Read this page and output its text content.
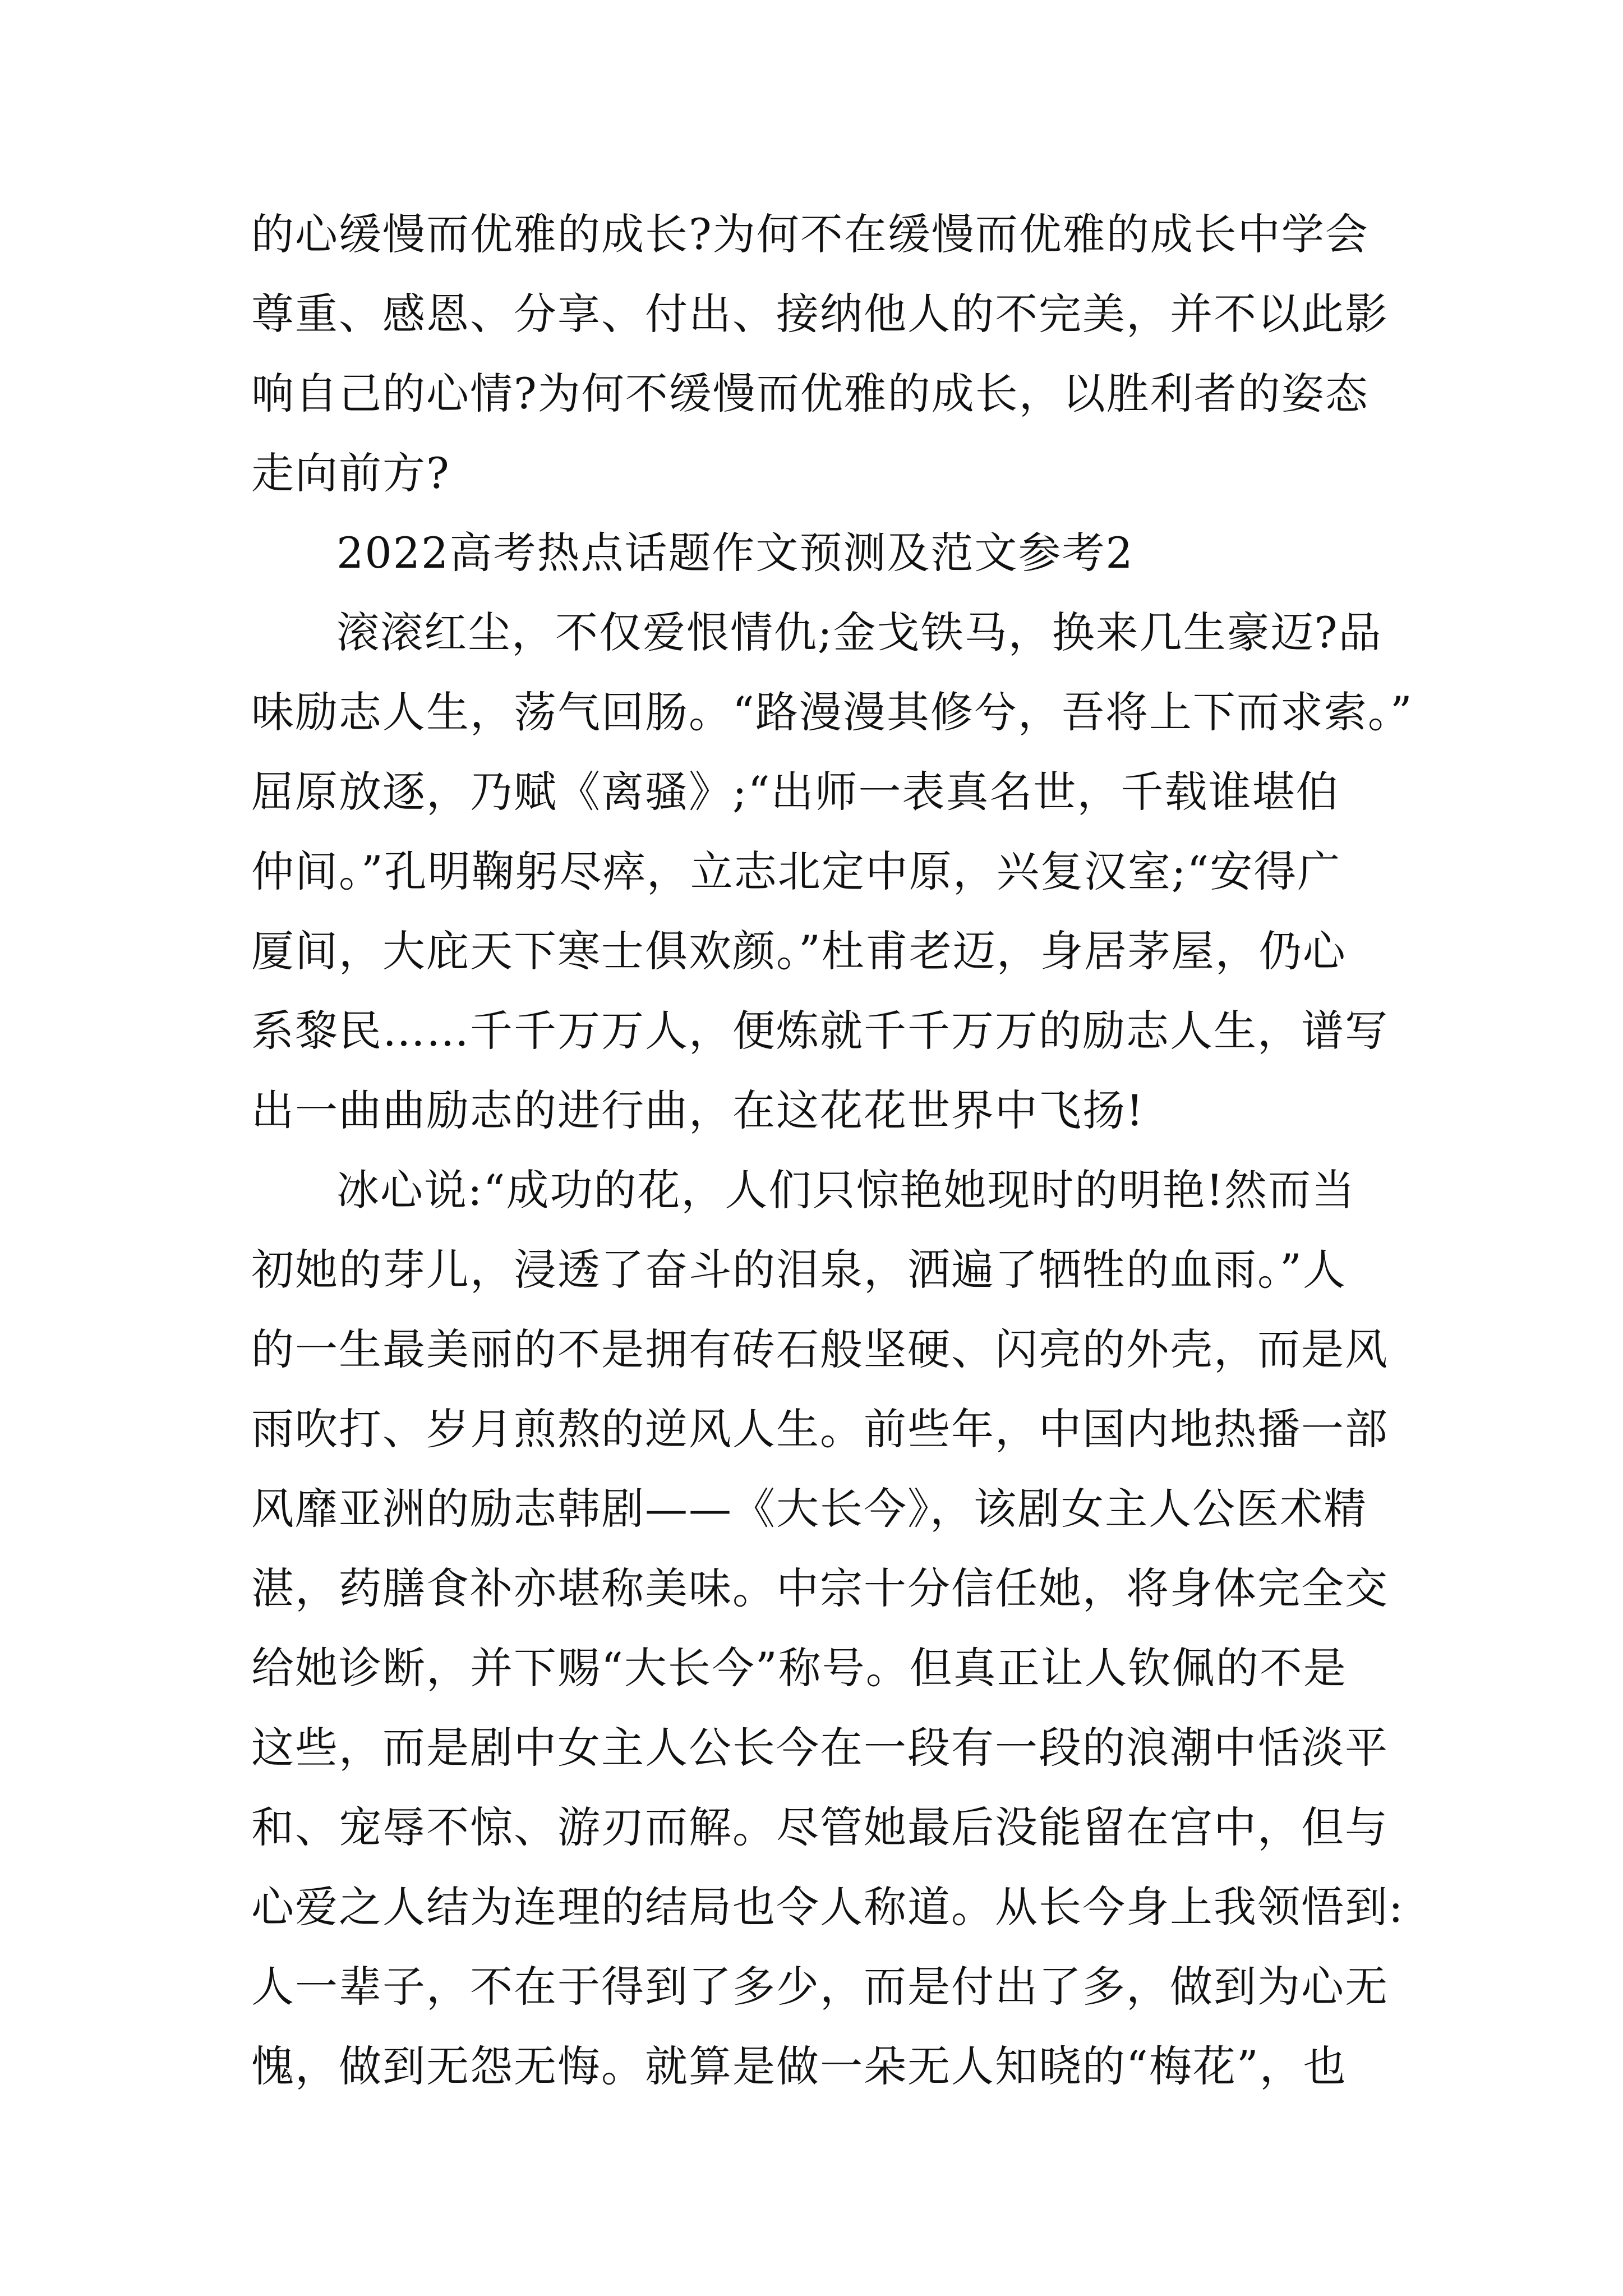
的心缓慢而优雅的成长?为何不在缓慢而优雅的成长中学会
尊重、感恩、分享、付出、接纳他人的不完美，并不以此影
响自己的心情?为何不缓慢而优雅的成长，以胜利者的姿态
走向前方?
2022高考热点话题作文预测及范文参考2
滚滚红尘，不仅爱恨情仇;金戈铁马，换来几生豪迈?品
味励志人生，荡气回肠。“路漫漫其修兮，吾将上下而求索。”
屈原放逐，乃赋《离骚》;“出师一表真名世，千载谁堪伯
仲间。”孔明鞠躬尽瘁，立志北定中原，兴复汉室;“安得广
厦间，大庇天下寒士俱欢颜。”杜甫老迈，身居茅屋，仍心
系黎民……千千万万人，便炼就千千万万的励志人生，谱写
出一曲曲励志的进行曲，在这花花世界中飞扬!
冰心说:“成功的花，人们只惊艳她现时的明艳!然而当
初她的芽儿，浸透了奋斗的泪泉，洒遍了牺牲的血雨。”人
的一生最美丽的不是拥有砖石般坚硬、闪亮的外壳，而是风
雨吹打、岁月煎熬的逆风人生。前些年，中国内地热播一部
风靡亚洲的励志韩剧——《大长今》，该剧女主人公医术精
湛，药膳食补亦堪称美味。中宗十分信任她，将身体完全交
给她诊断，并下赐“大长今”称号。但真正让人钦佩的不是
这些，而是剧中女主人公长今在一段有一段的浪潮中恬淡平
和、宠辱不惊、游刃而解。尽管她最后没能留在宫中，但与
心爱之人结为连理的结局也令人称道。从长今身上我领悟到:
人一辈子，不在于得到了多少，而是付出了多，做到为心无
愧，做到无怨无悔。就算是做一朵无人知晓的“梅花”，也
